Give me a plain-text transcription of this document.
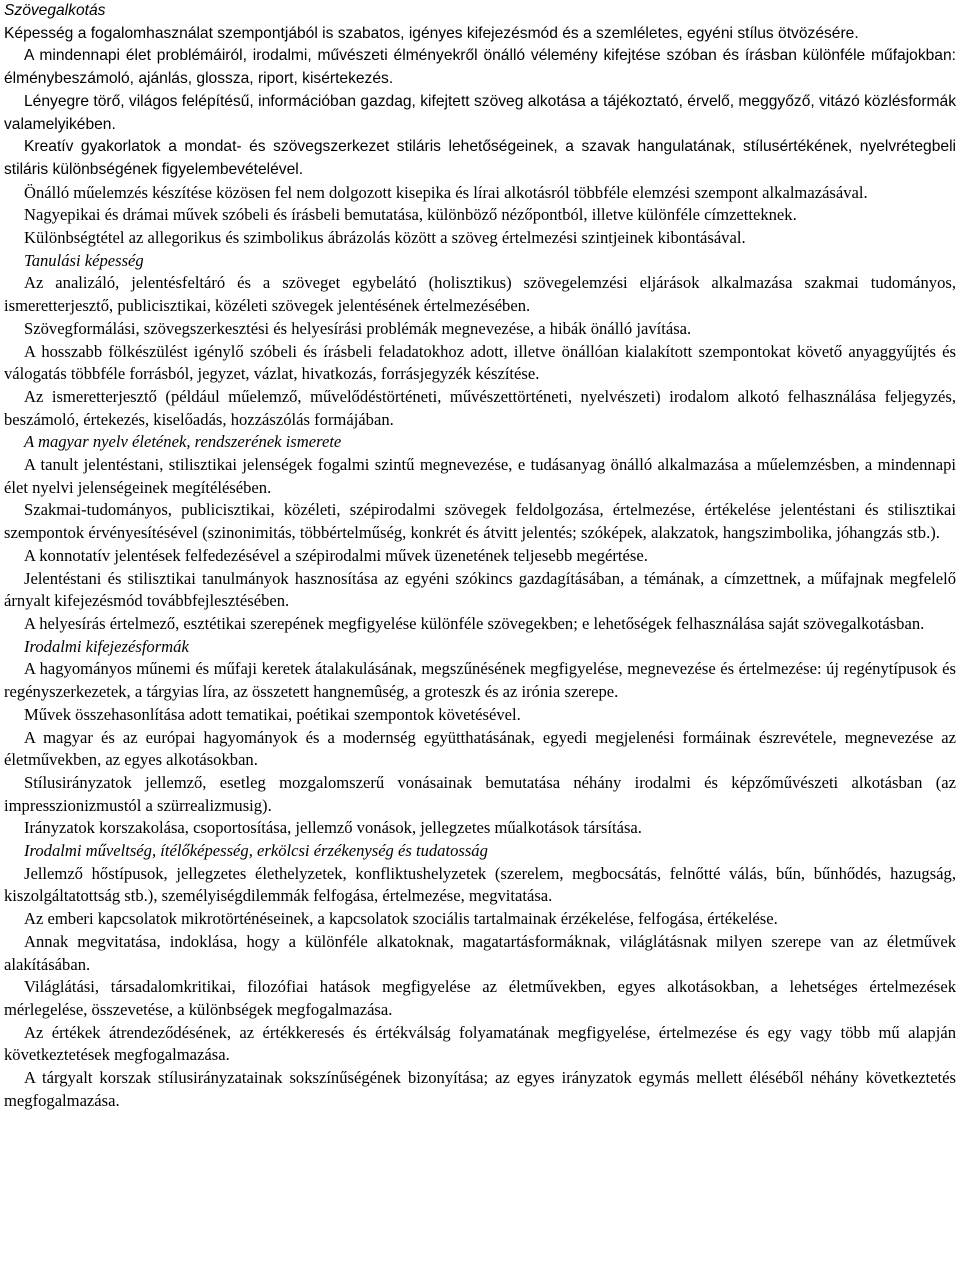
Szövegalkotás

Képesség a fogalomhasználat szempontjából is szabatos, igényes kifejezésmód és a szemléletes, egyéni stílus ötvözésére.

A mindennapi élet problémáiról, irodalmi, művészeti élményekről önálló vélemény kifejtése szóban és írásban különféle műfajokban: élménybeszámoló, ajánlás, glossza, riport, kisértekezés.

Lényegre törő, világos felépítésű, információban gazdag, kifejtett szöveg alkotása a tájékoztató, érvelő, meggyőző, vitázó közlésformák valamelyikében.

Kreatív gyakorlatok a mondat- és szövegszerkezet stiláris lehetőségeinek, a szavak hangulatának, stílusértékének, nyelvrétegbeli stiláris különbségének figyelembevételével.

Önálló műelemzés készítése közösen fel nem dolgozott kisepika és lírai alkotásról többféle elemzési szempont alkalmazásával.

Nagyepikai és drámai művek szóbeli és írásbeli bemutatása, különböző nézőpontból, illetve különféle címzetteknek.

Különbségtétel az allegorikus és szimbolikus ábrázolás között a szöveg értelmezési szintjeinek kibontásával.

Tanulási képesség

Az analizáló, jelentésfeltáró és a szöveget egybelátó (holisztikus) szövegelemzési eljárások alkalmazása szakmai tudományos, ismeretterjesztő, publicisztikai, közéleti szövegek jelentésének értelmezésében.

Szövegformálási, szövegszerkesztési és helyesírási problémák megnevezése, a hibák önálló javítása.

A hosszabb fölkészülést igénylő szóbeli és írásbeli feladatokhoz adott, illetve önállóan kialakított szempontokat követő anyaggyűjtés és válogatás többféle forrásból, jegyzet, vázlat, hivatkozás, forrásjegyzék készítése.

Az ismeretterjesztő (például műelemző, művelődéstörténeti, művészettörténeti, nyelvészeti) irodalom alkotó felhasználása feljegyzés, beszámoló, értekezés, kiselőadás, hozzászólás formájában.

A magyar nyelv életének, rendszerének ismerete

A tanult jelentéstani, stilisztikai jelenségek fogalmi szintű megnevezése, e tudásanyag önálló alkalmazása a műelemzésben, a mindennapi élet nyelvi jelenségeinek megítélésében.

Szakmai-tudományos, publicisztikai, közéleti, szépirodalmi szövegek feldolgozása, értelmezése, értékelése jelentéstani és stilisztikai szempontok érvényesítésével (szinonimitás, többértelműség, konkrét és átvitt jelentés; szóképek, alakzatok, hangszimbolika, jóhangzás stb.).

A konnotatív jelentések felfedezésével a szépirodalmi művek üzenetének teljesebb megértése.

Jelentéstani és stilisztikai tanulmányok hasznosítása az egyéni szókincs gazdagításában, a témának, a címzettnek, a műfajnak megfelelő árnyalt kifejezésmód továbbfejlesztésében.

A helyesírás értelmező, esztétikai szerepének megfigyelése különféle szövegekben; e lehetőségek felhasználása saját szövegalkotásban.

Irodalmi kifejezésformák

A hagyományos műnemi és műfaji keretek átalakulásának, megszűnésének megfigyelése, megnevezése és értelmezése: új regénytípusok és regényszerkezetek, a tárgyias líra, az összetett hangnemûség, a groteszk és az irónia szerepe.

Művek összehasonlítása adott tematikai, poétikai szempontok követésével.

A magyar és az európai hagyományok és a modernség együtthatásának, egyedi megjelenési formáinak észrevétele, megnevezése az életművekben, az egyes alkotásokban.

Stílusirányzatok jellemző, esetleg mozgalomszerű vonásainak bemutatása néhány irodalmi és képzőművészeti alkotásban (az impresszionizmustól a szürrealizmusig).

Irányzatok korszakolása, csoportosítása, jellemző vonások, jellegzetes műalkotások társítása.

Irodalmi műveltség, ítélőképesség, erkölcsi érzékenység és tudatosság

Jellemző hőstípusok, jellegzetes élethelyzetek, konfliktushelyzetek (szerelem, megbocsátás, felnőtté válás, bűn, bűnhődés, hazugság, kiszolgáltatottság stb.), személyiségdilemmák felfogása, értelmezése, megvitatása.

Az emberi kapcsolatok mikrotörténéseinek, a kapcsolatok szociális tartalmainak érzékelése, felfogása, értékelése.

Annak megvitatása, indoklása, hogy a különféle alkatoknak, magatartásformáknak, világlátásnak milyen szerepe van az életművek alakításában.

Világlátási, társadalomkritikai, filozófiai hatások megfigyelése az életművekben, egyes alkotásokban, a lehetséges értelmezések mérlegelése, összevetése, a különbségek megfogalmazása.

Az értékek átrendeződésének, az értékkeresés és értékválság folyamatának megfigyelése, értelmezése és egy vagy több mű alapján következtetések megfogalmazása.

A tárgyalt korszak stílusirányzatainak sokszínűségének bizonyítása; az egyes irányzatok egymás mellett éléséből néhány következtetés megfogalmazása.
